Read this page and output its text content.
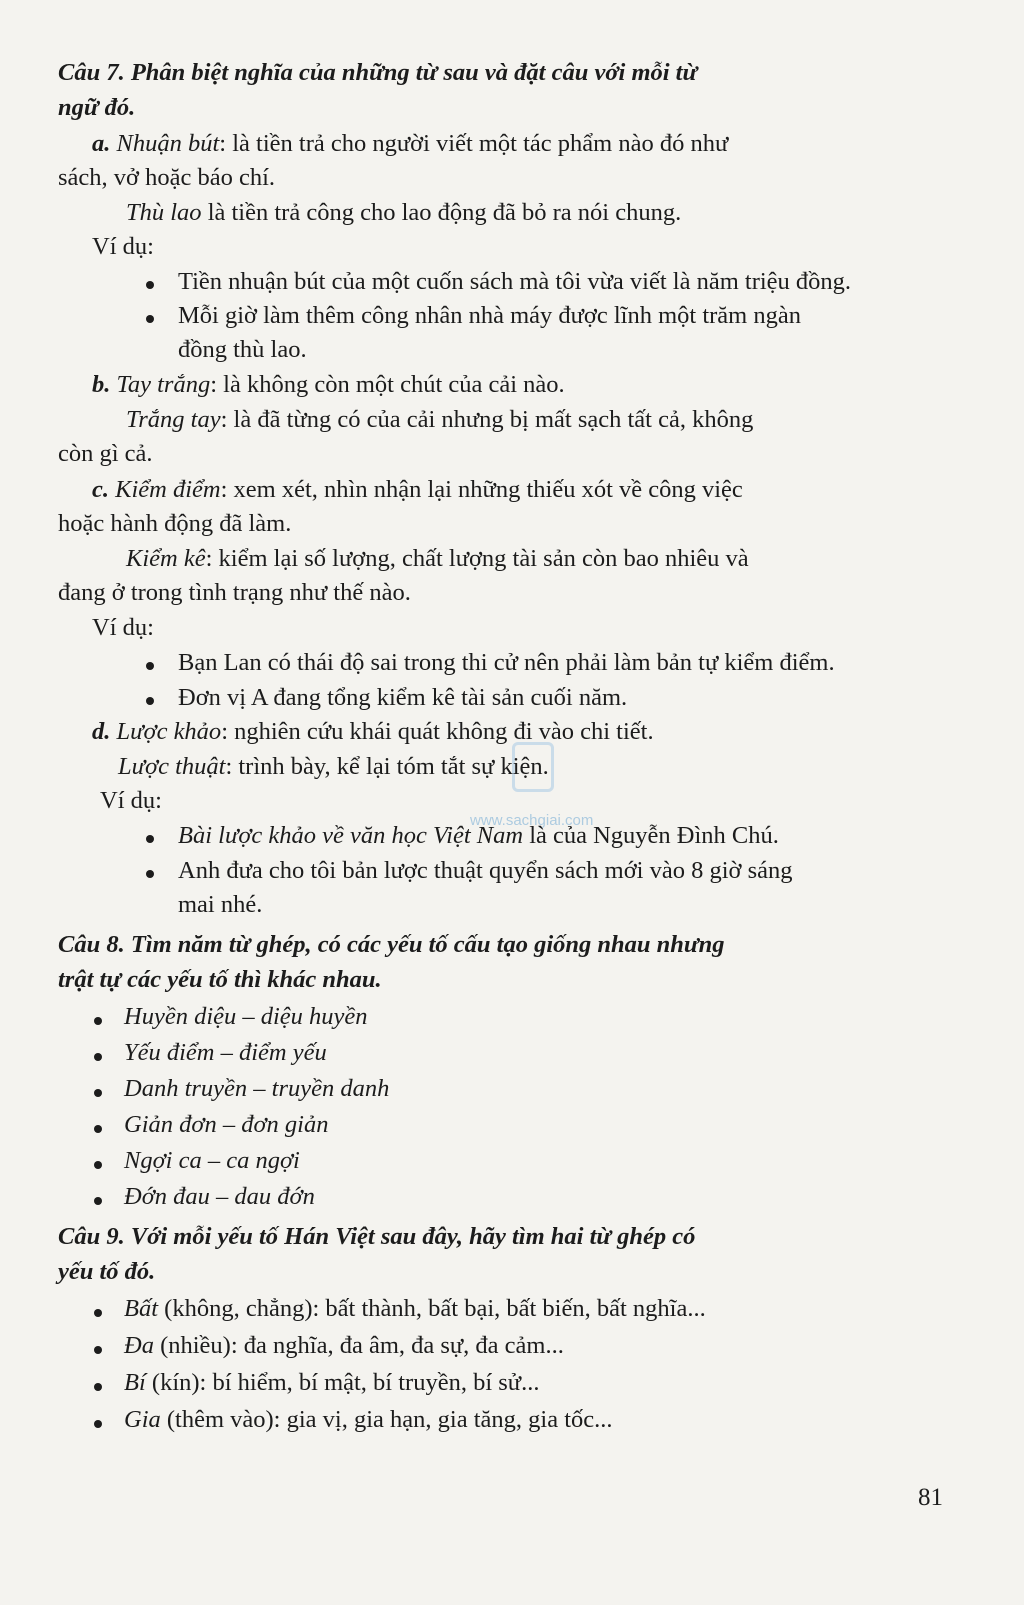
www.sachgiai.com
Câu 7. Phân biệt nghĩa của những từ sau và đặt câu với mỗi từ
ngữ đó.
a. Nhuận bút: là tiền trả cho người viết một tác phẩm nào đó như
sách, vở hoặc báo chí.
Thù lao là tiền trả công cho lao động đã bỏ ra nói chung.
Ví dụ:
Tiền nhuận bút của một cuốn sách mà tôi vừa viết là năm triệu đồng.
Mỗi giờ làm thêm công nhân nhà máy được lĩnh một trăm ngàn
đồng thù lao.
b. Tay trắng: là không còn một chút của cải nào.
Trắng tay: là đã từng có của cải nhưng bị mất sạch tất cả, không
còn gì cả.
c. Kiểm điểm: xem xét, nhìn nhận lại những thiếu xót về công việc
hoặc hành động đã làm.
Kiểm kê: kiểm lại số lượng, chất lượng tài sản còn bao nhiêu và
đang ở trong tình trạng như thế nào.
Ví dụ:
Bạn Lan có thái độ sai trong thi cử nên phải làm bản tự kiểm điểm.
Đơn vị A đang tổng kiểm kê tài sản cuối năm.
d. Lược khảo: nghiên cứu khái quát không đi vào chi tiết.
Lược thuật: trình bày, kể lại tóm tắt sự kiện.
Ví dụ:
Bài lược khảo về văn học Việt Nam là của Nguyễn Đình Chú.
Anh đưa cho tôi bản lược thuật quyển sách mới vào 8 giờ sáng
mai nhé.
Câu 8. Tìm năm từ ghép, có các yếu tố cấu tạo giống nhau nhưng
trật tự các yếu tố thì khác nhau.
Huyền diệu – diệu huyền
Yếu điểm – điểm yếu
Danh truyền – truyền danh
Giản đơn – đơn giản
Ngợi ca – ca ngợi
Đớn đau – dau đớn
Câu 9. Với mỗi yếu tố Hán Việt sau đây, hãy tìm hai từ ghép có
yếu tố đó.
Bất (không, chẳng): bất thành, bất bại, bất biến, bất nghĩa...
Đa (nhiều): đa nghĩa, đa âm, đa sự, đa cảm...
Bí (kín): bí hiểm, bí mật, bí truyền, bí sử...
Gia (thêm vào): gia vị, gia hạn, gia tăng, gia tốc...
81
